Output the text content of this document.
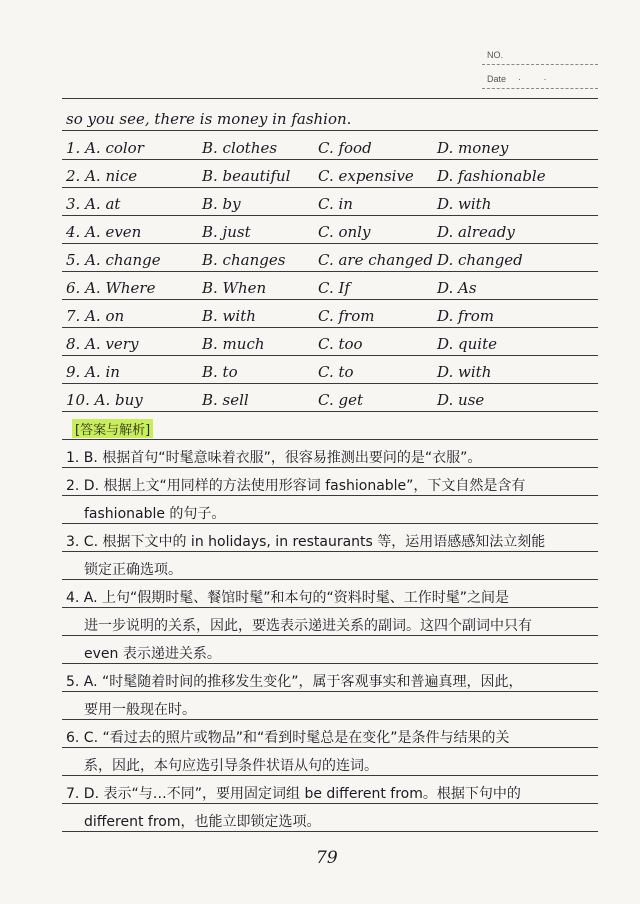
NO.
Date · ·
so you see, there is money in fashion.
1. A. color	B. clothes	C. food	D. money
2. A. nice	B. beautiful C. expensive D. fashionable
3. A. at	B. by	C. in	D. with
4. A. even	B. just	C. only	D. already
5. A. change	B. changes C. are changed D. changed
6. A. Where	B. When	C. If	D. As
7. A. on	B. with	C. from	D. from
8. A. very	B. much	C. too	D. quite
9. A. in	B. to	C. to	D. with
10. A. buy	B. sell	C. get	D. use
[答案与解析]
1. B. 根据首句“时髦意味着衣服”，很容易推测出要问的是“衣服”。
2. D. 根据上文“用同样的方法使用形容词 fashionable”，下文自然是含有
fashionable 的句子。
3. C. 根据下文中的 in holidays, in restaurants 等，运用语感感知法立刻能
锁定正确选项。
4. A. 上句“假期时髦、餐馆时髦”和本句的“资料时髦、工作时髦”之间是
进一步说明的关系，因此，要选表示递进关系的副词。这四个副词中只有
even 表示递进关系。
5. A. “时髦随着时间的推移发生变化”，属于客观事实和普遍真理，因此，
要用一般现在时。
6. C. “看过去的照片或物品”和“看到时髦总是在变化”是条件与结果的关
系，因此，本句应选引导条件状语从句的连词。
7. D. 表示“与…不同”，要用固定词组 be different from。根据下句中的
different from，也能立即锁定选项。
79
